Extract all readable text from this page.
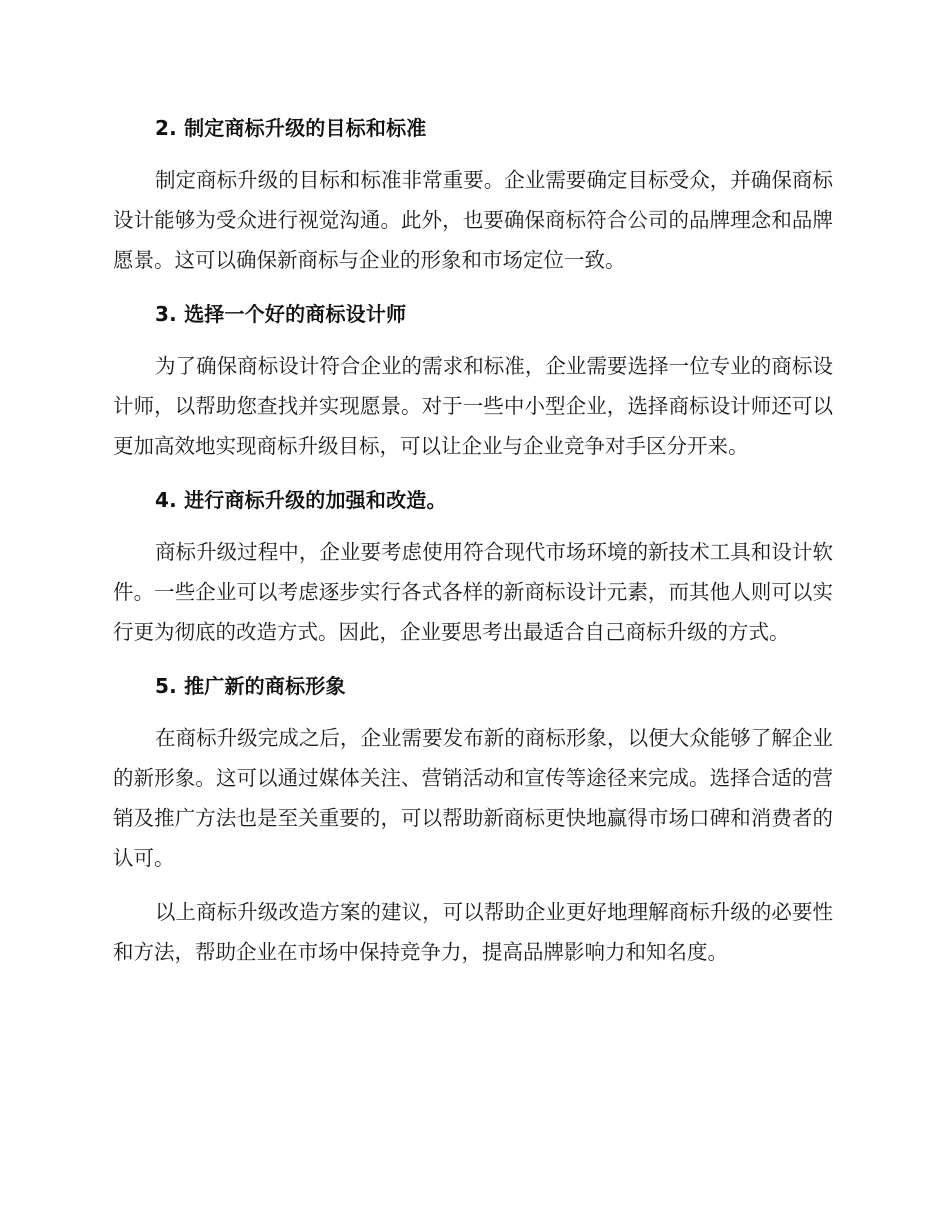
2. 制定商标升级的目标和标准

制定商标升级的目标和标准非常重要。企业需要确定目标受众，并确保商标设计能够为受众进行视觉沟通。此外，也要确保商标符合公司的品牌理念和品牌愿景。这可以确保新商标与企业的形象和市场定位一致。

3. 选择一个好的商标设计师

为了确保商标设计符合企业的需求和标准，企业需要选择一位专业的商标设计师，以帮助您查找并实现愿景。对于一些中小型企业，选择商标设计师还可以更加高效地实现商标升级目标，可以让企业与企业竞争对手区分开来。

4. 进行商标升级的加强和改造。

商标升级过程中，企业要考虑使用符合现代市场环境的新技术工具和设计软件。一些企业可以考虑逐步实行各式各样的新商标设计元素，而其他人则可以实行更为彻底的改造方式。因此，企业要思考出最适合自己商标升级的方式。

5. 推广新的商标形象

在商标升级完成之后，企业需要发布新的商标形象，以便大众能够了解企业的新形象。这可以通过媒体关注、营销活动和宣传等途径来完成。选择合适的营销及推广方法也是至关重要的，可以帮助新商标更快地赢得市场口碑和消费者的认可。

以上商标升级改造方案的建议，可以帮助企业更好地理解商标升级的必要性和方法，帮助企业在市场中保持竞争力，提高品牌影响力和知名度。
